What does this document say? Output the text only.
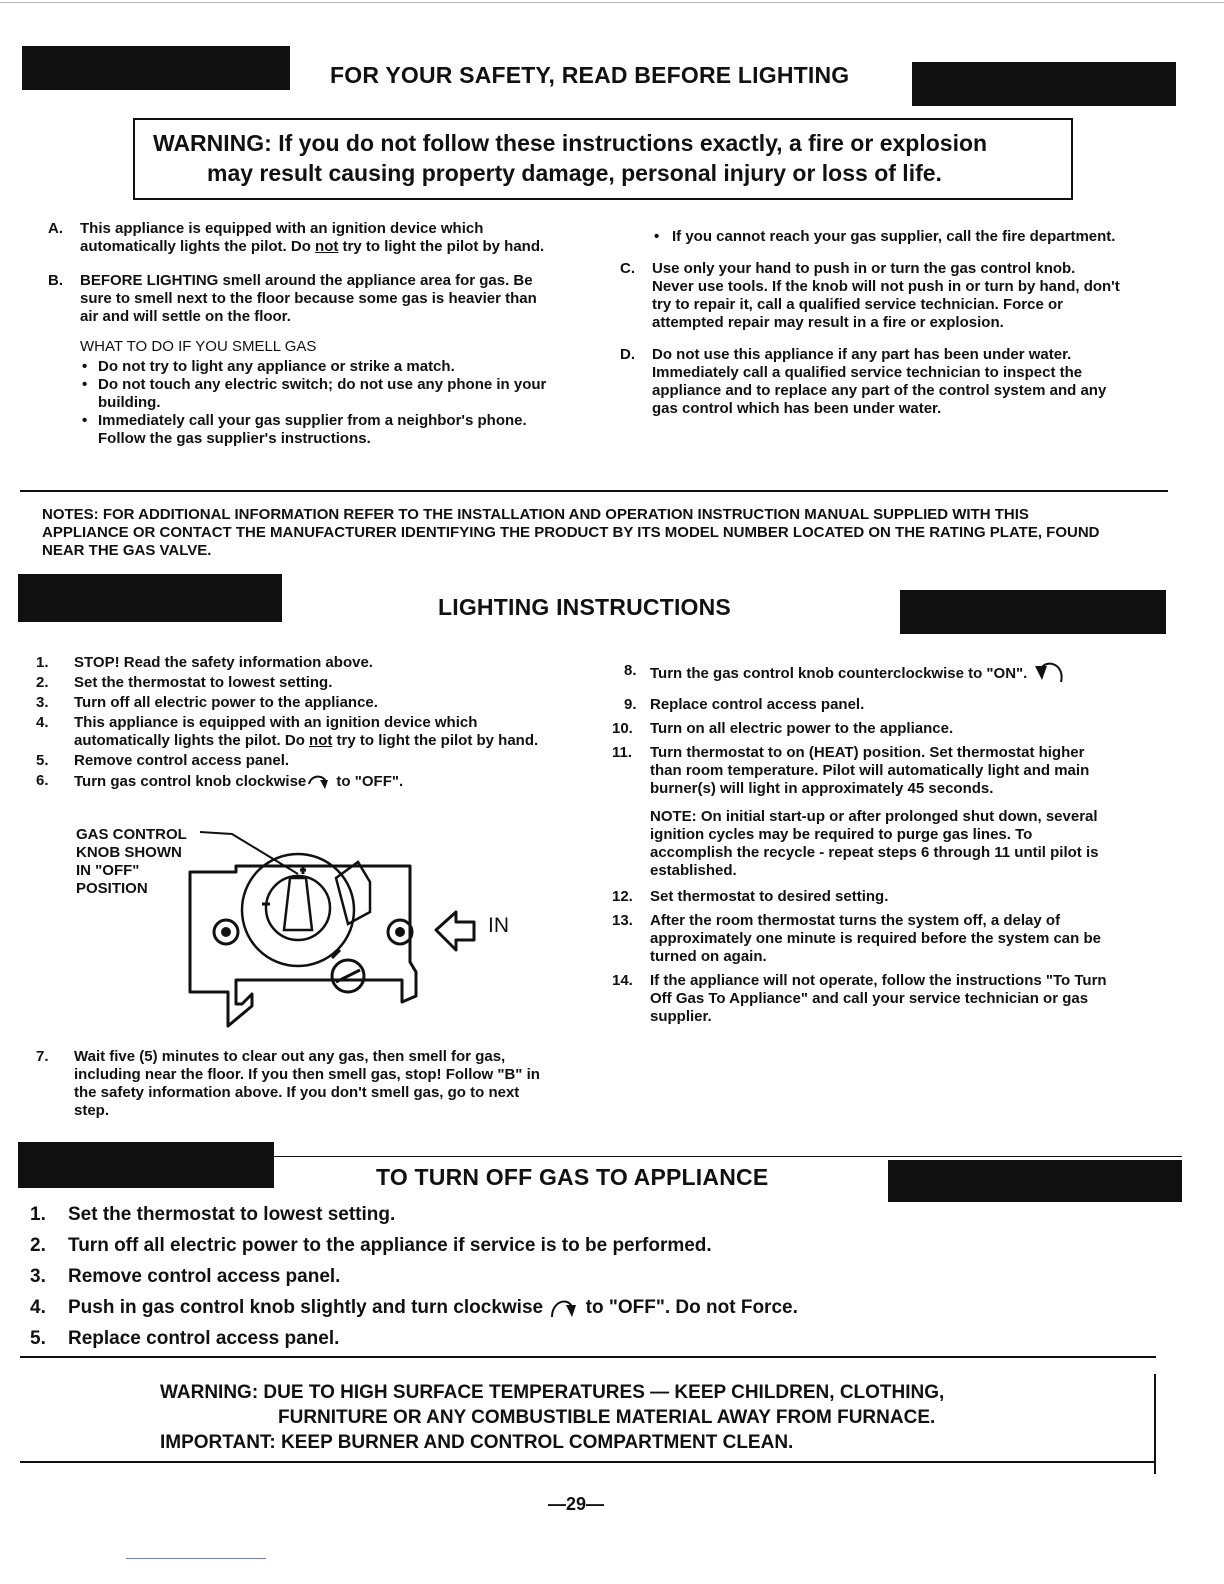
FOR YOUR SAFETY, READ BEFORE LIGHTING
WARNING: If you do not follow these instructions exactly, a fire or explosion
may result causing property damage, personal injury or loss of life.
A. This appliance is equipped with an ignition device which automatically lights the pilot. Do not try to light the pilot by hand.
B. BEFORE LIGHTING smell around the appliance area for gas. Be sure to smell next to the floor because some gas is heavier than air and will settle on the floor.
WHAT TO DO IF YOU SMELL GAS
• Do not try to light any appliance or strike a match.
• Do not touch any electric switch; do not use any phone in your building.
• Immediately call your gas supplier from a neighbor's phone. Follow the gas supplier's instructions.
• If you cannot reach your gas supplier, call the fire department.
C. Use only your hand to push in or turn the gas control knob. Never use tools. If the knob will not push in or turn by hand, don't try to repair it, call a qualified service technician. Force or attempted repair may result in a fire or explosion.
D. Do not use this appliance if any part has been under water. Immediately call a qualified service technician to inspect the appliance and to replace any part of the control system and any gas control which has been under water.
NOTES: FOR ADDITIONAL INFORMATION REFER TO THE INSTALLATION AND OPERATION INSTRUCTION MANUAL SUPPLIED WITH THIS APPLIANCE OR CONTACT THE MANUFACTURER IDENTIFYING THE PRODUCT BY ITS MODEL NUMBER LOCATED ON THE RATING PLATE, FOUND NEAR THE GAS VALVE.
LIGHTING INSTRUCTIONS
1. STOP! Read the safety information above.
2. Set the thermostat to lowest setting.
3. Turn off all electric power to the appliance.
4. This appliance is equipped with an ignition device which automatically lights the pilot. Do not try to light the pilot by hand.
5. Remove control access panel.
6. Turn gas control knob clockwise to "OFF".
GAS CONTROL
KNOB SHOWN
IN "OFF"
POSITION
IN
7. Wait five (5) minutes to clear out any gas, then smell for gas, including near the floor. If you then smell gas, stop! Follow "B" in the safety information above. If you don't smell gas, go to next step.
8. Turn the gas control knob counterclockwise to "ON".
9. Replace control access panel.
10. Turn on all electric power to the appliance.
11. Turn thermostat to on (HEAT) position. Set thermostat higher than room temperature. Pilot will automatically light and main burner(s) will light in approximately 45 seconds.
NOTE: On initial start-up or after prolonged shut down, several ignition cycles may be required to purge gas lines. To accomplish the recycle - repeat steps 6 through 11 until pilot is established.
12. Set thermostat to desired setting.
13. After the room thermostat turns the system off, a delay of approximately one minute is required before the system can be turned on again.
14. If the appliance will not operate, follow the instructions "To Turn Off Gas To Appliance" and call your service technician or gas supplier.
TO TURN OFF GAS TO APPLIANCE
1. Set the thermostat to lowest setting.
2. Turn off all electric power to the appliance if service is to be performed.
3. Remove control access panel.
4. Push in gas control knob slightly and turn clockwise  to "OFF". Do not Force.
5. Replace control access panel.
WARNING: DUE TO HIGH SURFACE TEMPERATURES — KEEP CHILDREN, CLOTHING,
FURNITURE OR ANY COMBUSTIBLE MATERIAL AWAY FROM FURNACE.
IMPORTANT: KEEP BURNER AND CONTROL COMPARTMENT CLEAN.
—29—
